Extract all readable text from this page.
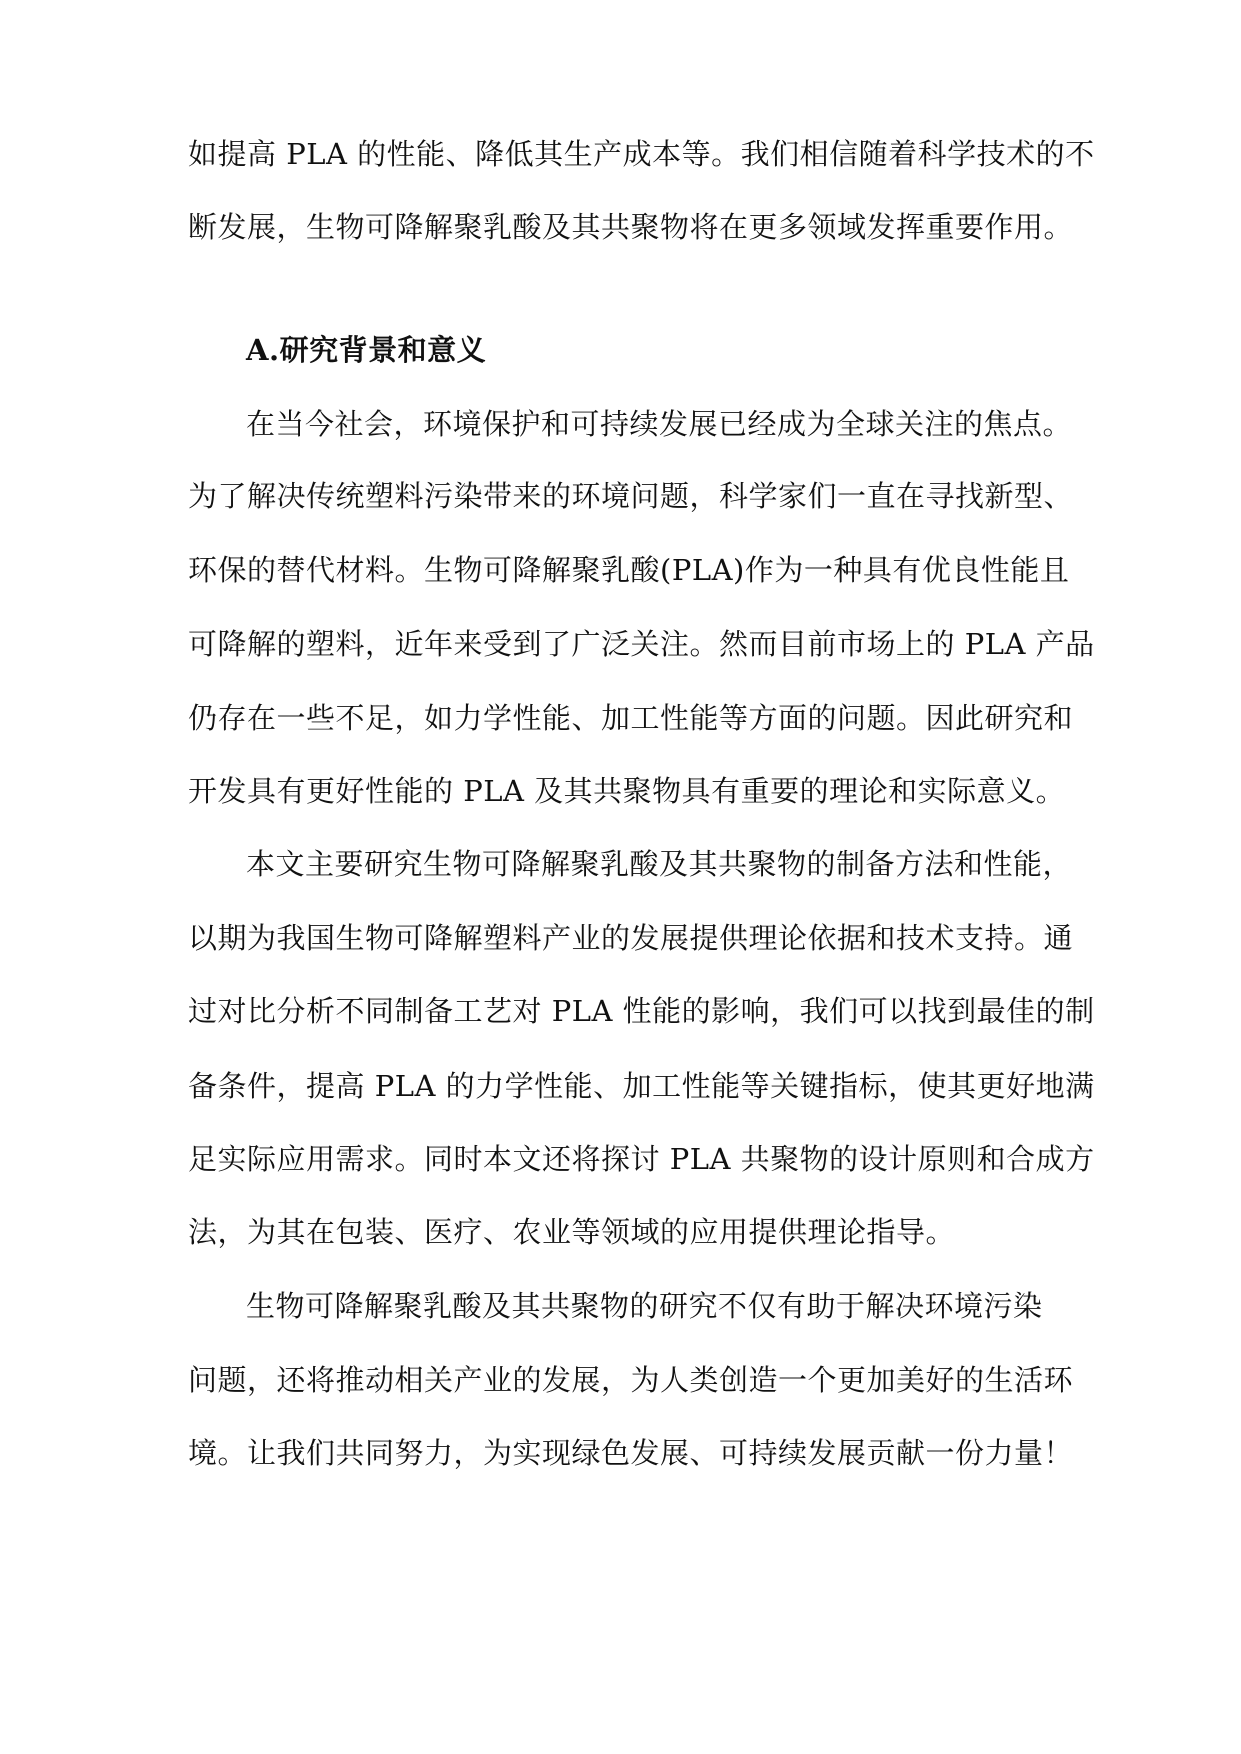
如提高 PLA 的性能、降低其生产成本等。我们相信随着科学技术的不
断发展，生物可降解聚乳酸及其共聚物将在更多领域发挥重要作用。
A.研究背景和意义
在当今社会，环境保护和可持续发展已经成为全球关注的焦点。
为了解决传统塑料污染带来的环境问题，科学家们一直在寻找新型、
环保的替代材料。生物可降解聚乳酸(PLA)作为一种具有优良性能且
可降解的塑料，近年来受到了广泛关注。然而目前市场上的 PLA 产品
仍存在一些不足，如力学性能、加工性能等方面的问题。因此研究和
开发具有更好性能的 PLA 及其共聚物具有重要的理论和实际意义。
本文主要研究生物可降解聚乳酸及其共聚物的制备方法和性能，
以期为我国生物可降解塑料产业的发展提供理论依据和技术支持。通
过对比分析不同制备工艺对 PLA 性能的影响，我们可以找到最佳的制
备条件，提高 PLA 的力学性能、加工性能等关键指标，使其更好地满
足实际应用需求。同时本文还将探讨 PLA 共聚物的设计原则和合成方
法，为其在包装、医疗、农业等领域的应用提供理论指导。
生物可降解聚乳酸及其共聚物的研究不仅有助于解决环境污染
问题，还将推动相关产业的发展，为人类创造一个更加美好的生活环
境。让我们共同努力，为实现绿色发展、可持续发展贡献一份力量！
